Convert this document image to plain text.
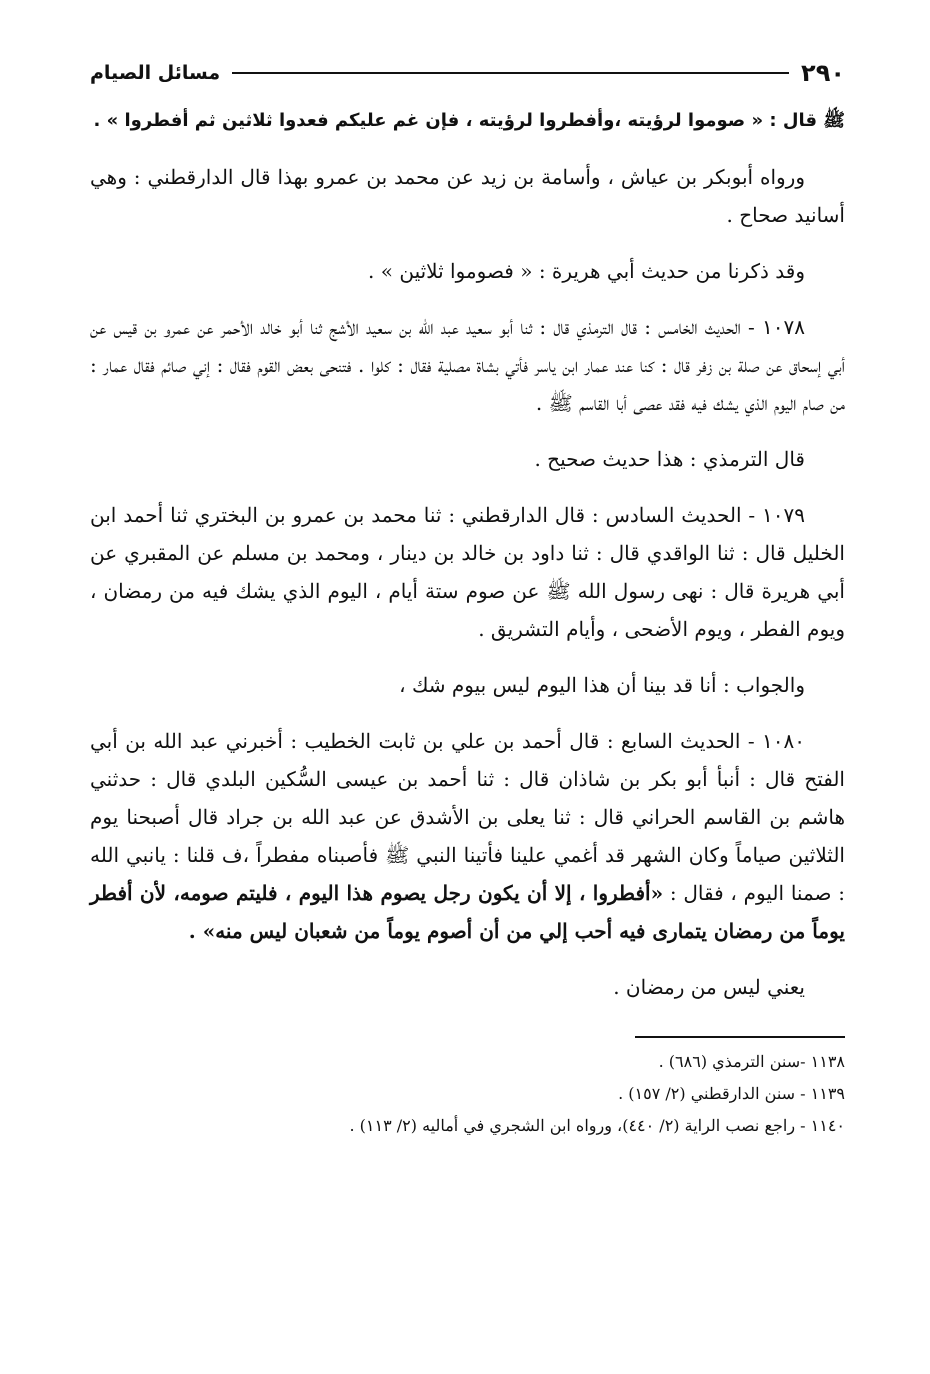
٢٩٠
مسائل الصيام

ﷺ قال : « صوموا لرؤيته ،وأفطروا لرؤيته ، فإن غم عليكم فعدوا ثلاثين ثم أفطروا » .

ورواه أبوبكر بن عياش ، وأسامة بن زيد عن محمد بن عمرو بهذا قال الدارقطني : وهي أسانيد صحاح .

وقد ذكرنا من حديث أبي هريرة : « فصوموا ثلاثين » .

١٠٧٨ - الحديث الخامس : قال الترمذي قال : ثنا أبو سعيد عبد الله بن سعيد الأشج ثنا أبو خالد الأحمر عن عمرو بن قيس عن أبي إسحاق عن صلة بن زفر قال : كنا عند عمار ابن ياسر فأتي بشاة مصلية فقال : كلوا . فتنحى بعض القوم فقال : إني صائم فقال عمار : من صام اليوم الذي يشك فيه فقد عصى أبا القاسم ﷺ .

قال الترمذي : هذا حديث صحيح .

١٠٧٩ - الحديث السادس : قال الدارقطني : ثنا محمد بن عمرو بن البختري ثنا أحمد ابن الخليل قال : ثنا الواقدي قال : ثنا داود بن خالد بن دينار ، ومحمد بن مسلم عن المقبري عن أبي هريرة قال : نهى رسول الله ﷺ عن صوم ستة أيام ، اليوم الذي يشك فيه من رمضان ، ويوم الفطر ، ويوم الأضحى ، وأيام التشريق .

والجواب : أنا قد بينا أن هذا اليوم ليس بيوم شك ،

١٠٨٠ - الحديث السابع : قال أحمد بن علي بن ثابت الخطيب : أخبرني عبد الله بن أبي الفتح قال : أنبأ أبو بكر بن شاذان قال : ثنا أحمد بن عيسى السُّكين البلدي قال : حدثني هاشم بن القاسم الحراني قال : ثنا يعلى بن الأشدق عن عبد الله بن جراد قال أصبحنا يوم الثلاثين صياماً وكان الشهر قد أغمي علينا فأتينا النبي ﷺ فأصبناه مفطراً ،ف قلنا : يانبي الله : صمنا اليوم ، فقال : «أفطروا ، إلا أن يكون رجل يصوم هذا اليوم ، فليتم صومه، لأن أفطر يوماً من رمضان يتمارى فيه أحب إلي من أن أصوم يوماً من شعبان ليس منه» .

يعني ليس من رمضان .

١١٣٨ -سنن الترمذي (٦٨٦) .

١١٣٩ - سنن الدارقطني (٢/ ١٥٧) .

١١٤٠ - راجع نصب الراية (٢/ ٤٤٠)، ورواه ابن الشجري في أماليه (٢/ ١١٣) .
